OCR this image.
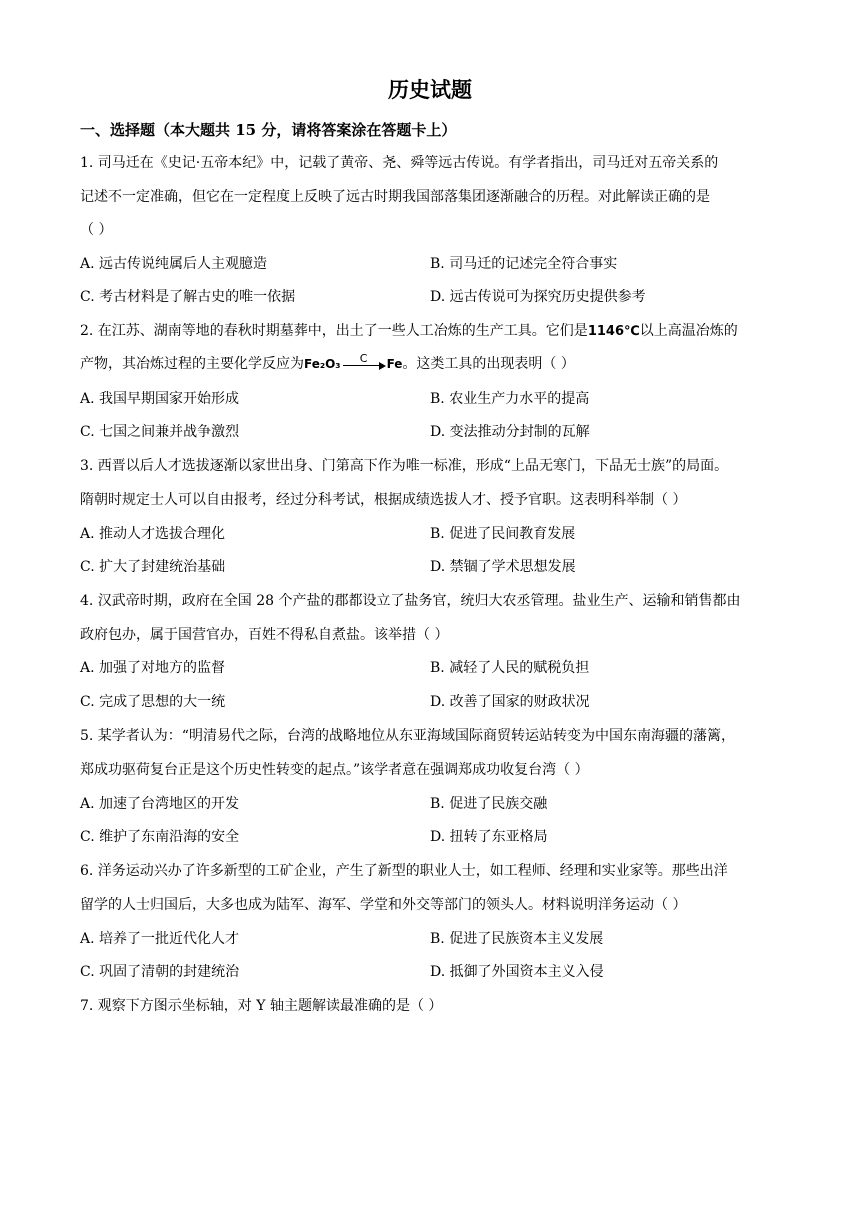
历史试题
一、选择题（本大题共 15 分，请将答案涂在答题卡上）
1. 司马迁在《史记·五帝本纪》中，记载了黄帝、尧、舜等远古传说。有学者指出，司马迁对五帝关系的
记述不一定准确，但它在一定程度上反映了远古时期我国部落集团逐渐融合的历程。对此解读正确的是
（ ）
A. 远古传说纯属后人主观臆造	B. 司马迁的记述完全符合事实
C. 考古材料是了解古史的唯一依据	D. 远古传说可为探究历史提供参考
2. 在江苏、湖南等地的春秋时期墓葬中，出土了一些人工冶炼的生产工具。它们是1146℃以上高温冶炼的
产物，其冶炼过程的主要化学反应为Fe₂O₃	C	Fe。这类工具的出现表明（ ）
A. 我国早期国家开始形成	B. 农业生产力水平的提高
C. 七国之间兼并战争激烈	D. 变法推动分封制的瓦解
3. 西晋以后人才选拔逐渐以家世出身、门第高下作为唯一标准，形成“上品无寒门，下品无士族”的局面。
隋朝时规定士人可以自由报考，经过分科考试，根据成绩选拔人才、授予官职。这表明科举制（ ）
A. 推动人才选拔合理化	B. 促进了民间教育发展
C. 扩大了封建统治基础	D. 禁锢了学术思想发展
4. 汉武帝时期，政府在全国 28 个产盐的郡都设立了盐务官，统归大农丞管理。盐业生产、运输和销售都由
政府包办，属于国营官办，百姓不得私自煮盐。该举措（ ）
A. 加强了对地方的监督	B. 减轻了人民的赋税负担
C. 完成了思想的大一统	D. 改善了国家的财政状况
5. 某学者认为：“明清易代之际，台湾的战略地位从东亚海域国际商贸转运站转变为中国东南海疆的藩篱，
郑成功驱荷复台正是这个历史性转变的起点。”该学者意在强调郑成功收复台湾（ ）
A. 加速了台湾地区的开发	B. 促进了民族交融
C. 维护了东南沿海的安全	D. 扭转了东亚格局
6. 洋务运动兴办了许多新型的工矿企业，产生了新型的职业人士，如工程师、经理和实业家等。那些出洋
留学的人士归国后，大多也成为陆军、海军、学堂和外交等部门的领头人。材料说明洋务运动（ ）
A. 培养了一批近代化人才	B. 促进了民族资本主义发展
C. 巩固了清朝的封建统治	D. 抵御了外国资本主义入侵
7. 观察下方图示坐标轴，对 Y 轴主题解读最准确的是（ ）
